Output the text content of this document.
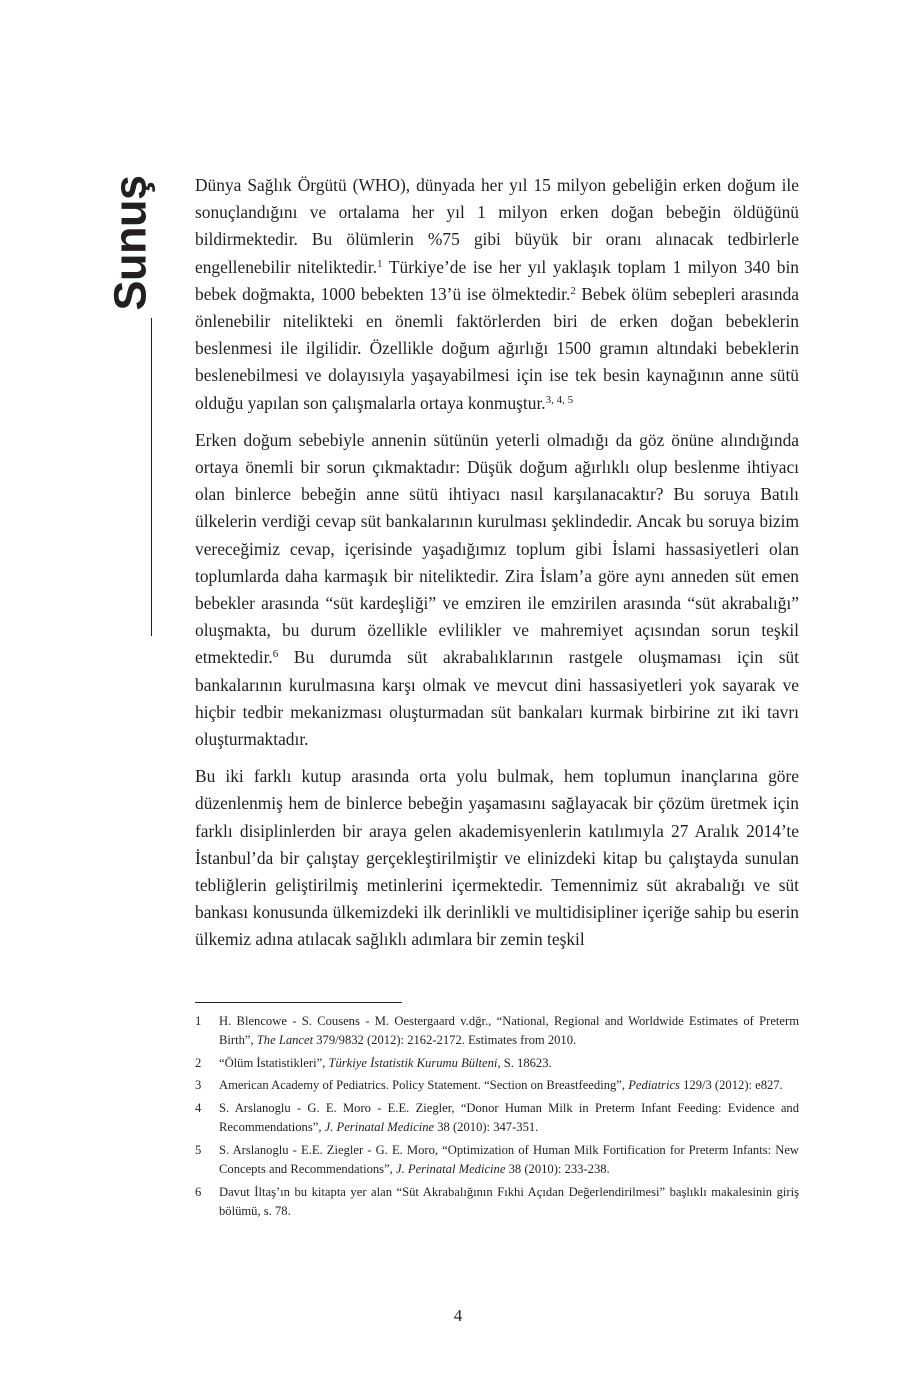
Sunuş Dünya Sağlık Örgütü (WHO), dünyada her yıl 15 milyon gebeliğin erken doğum ile sonuçlandığını ve ortalama her yıl 1 milyon erken doğan bebeğin öldüğünü bildirmektedir. Bu ölümlerin %75 gibi büyük bir oranı alınacak tedbirlerle engellenebilir niteliktedir.$^1$ Türkiye’de ise her yıl yaklaşık toplam 1 milyon 340 bin bebek doğmakta, 1000 bebekten 13’ü ise ölmektedir.$^2$ Bebek ölüm sebepleri arasında önlenebilir nitelikteki en önemli faktörlerden biri de erken doğan bebeklerin beslenmesi ile ilgilidir. Özellikle doğum ağırlığı 1500 gramın altındaki bebeklerin beslenebilmesi ve dolayısıyla yaşayabilmesi için ise tek besin kaynağının anne sütü olduğu yapılan son çalışmalarla ortaya konmuştur.$^{3, 4, 5}$

Erken doğum sebebiyle annenin sütünün yeterli olmadığı da göz önüne alındığında ortaya önemli bir sorun çıkmaktadır: Düşük doğum ağırlıklı olup beslenme ihtiyacı olan binlerce bebeğin anne sütü ihtiyacı nasıl karşılanacaktır? Bu soruya Batılı ülkelerin verdiği cevap süt bankalarının kurulması şeklindedir. Ancak bu soruya bizim vereceğimiz cevap, içerisinde yaşadığımız toplum gibi İslami hassasiyetleri olan toplumlarda daha karmaşık bir niteliktedir. Zira İslam’a göre aynı anneden süt emen bebekler arasında “süt kardeşliği” ve emziren ile emzirilen arasında “süt akrabalığı” oluşmakta, bu durum özellikle evlilikler ve mahremiyet açısından sorun teşkil etmektedir.$^6$ Bu durumda süt akrabalıklarının rastgele oluşmaması için süt bankalarının kurulmasına karşı olmak ve mevcut dini hassasiyetleri yok sayarak ve hiçbir tedbir mekanizması oluşturmadan süt bankaları kurmak birbirine zıt iki tavrı oluşturmaktadır.

Bu iki farklı kutup arasında orta yolu bulmak, hem toplumun inançlarına göre düzenlenmiş hem de binlerce bebeğin yaşamasını sağlayacak bir çözüm üretmek için farklı disiplinlerden bir araya gelen akademisyenlerin katılımıyla 27 Aralık 2014’te İstanbul’da bir çalıştay gerçekleştirilmiştir ve elinizdeki kitap bu çalıştayda sunulan tebliğlerin geliştirilmiş metinlerini içermektedir. Temennimiz süt akrabalığı ve süt bankası konusunda ülkemizdeki ilk derinlikli ve multidisipliner içeriğe sahip bu eserin ülkemiz adına atılacak sağlıklı adımlara bir zemin teşkil

1	H. Blencowe - S. Cousens - M. Oestergaard v.dğr., “National, Regional and Worldwide Estimates of Preterm Birth”, The Lancet 379/9832 (2012): 2162-2172. Estimates from 2010.
2	“Ölüm İstatistikleri”, Türkiye İstatistik Kurumu Bülteni, S. 18623.
3	American Academy of Pediatrics. Policy Statement. “Section on Breastfeeding”, Pediatrics 129/3 (2012): e827.
4	S. Arslanoglu - G. E. Moro - E.E. Ziegler, “Donor Human Milk in Preterm Infant Feeding: Evidence and Recommendations”, J. Perinatal Medicine 38 (2010): 347-351.
5	S. Arslanoglu - E.E. Ziegler - G. E. Moro, “Optimization of Human Milk Fortification for Preterm Infants: New Concepts and Recommendations”, J. Perinatal Medicine 38 (2010): 233-238.
6	Davut İltaş’ın bu kitapta yer alan “Süt Akrabalığının Fıkhi Açıdan Değerlendirilmesi” başlıklı makalesinin giriş bölümü, s. 78.
4
